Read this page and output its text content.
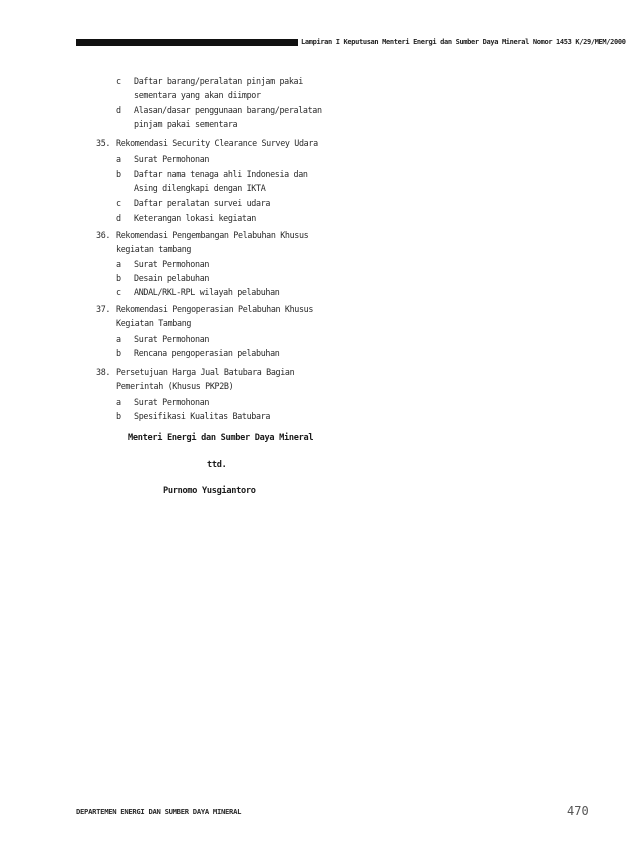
Lampiran I Keputusan Menteri Energi dan Sumber Daya Mineral Nomor 1453 K/29/MEM/2000
c Daftar barang/peralatan pinjam pakai
sementara yang akan diimpor
d Alasan/dasar penggunaan barang/peralatan
pinjam pakai sementara
35. Rekomendasi Security Clearance Survey Udara
a Surat Permohonan
b Daftar nama tenaga ahli Indonesia dan
Asing dilengkapi dengan IKTA
c Daftar peralatan survei udara
d Keterangan lokasi kegiatan
36. Rekomendasi Pengembangan Pelabuhan Khusus
kegiatan tambang
a Surat Permohonan
b Desain pelabuhan
c ANDAL/RKL-RPL wilayah pelabuhan
37. Rekomendasi Pengoperasian Pelabuhan Khusus
Kegiatan Tambang
a Surat Permohonan
b Rencana pengoperasian pelabuhan
38. Persetujuan Harga Jual Batubara Bagian
Pemerintah (Khusus PKP2B)
a Surat Permohonan
b Spesifikasi Kualitas Batubara
Menteri Energi dan Sumber Daya Mineral
ttd.
Purnomo Yusgiantoro
DEPARTEMEN ENERGI DAN SUMBER DAYA MINERAL	470
